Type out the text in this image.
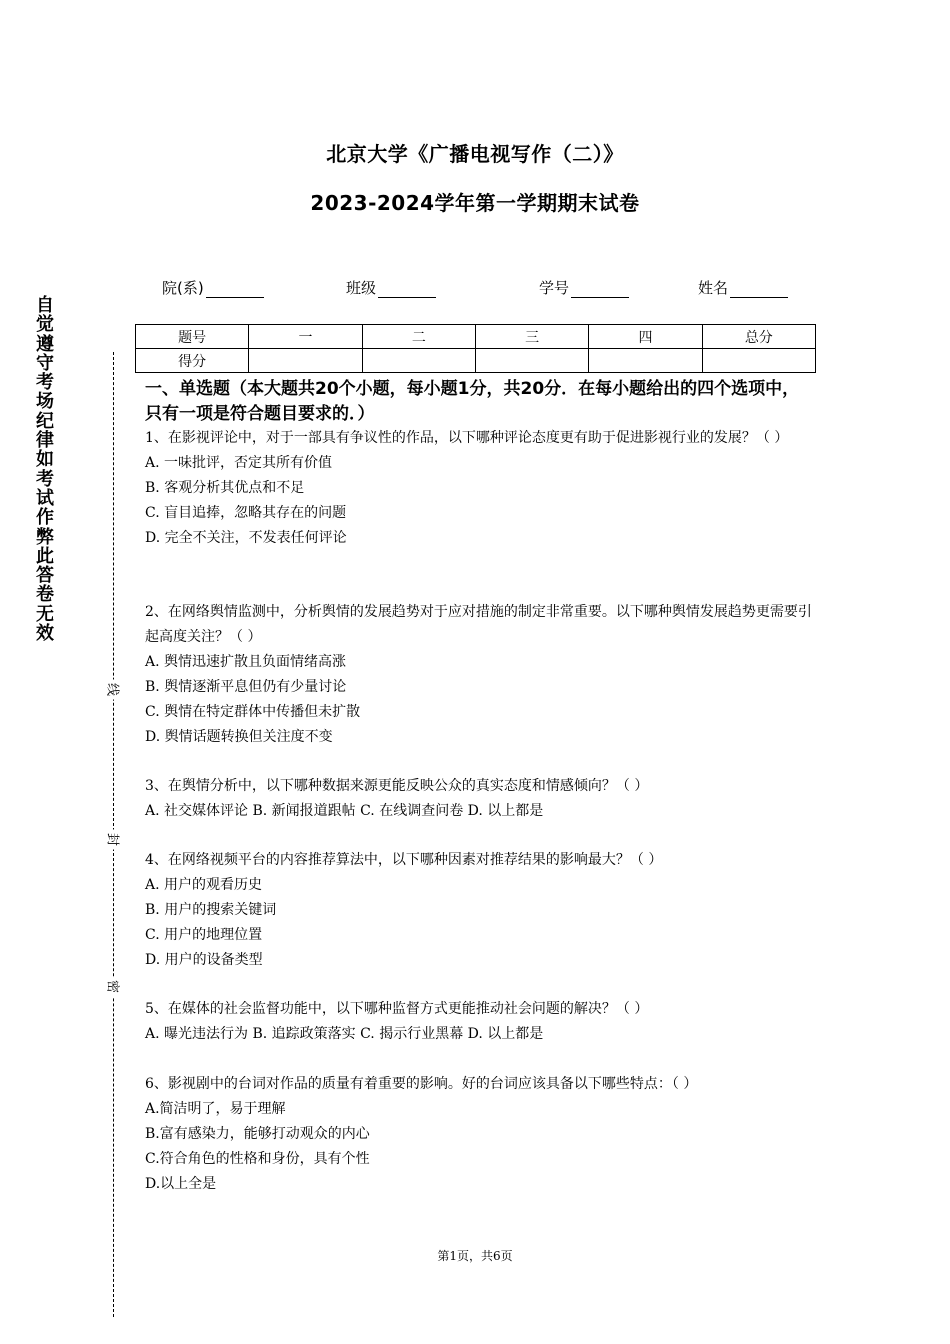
北京大学《广播电视写作（二）》
2023-2024学年第一学期期末试卷
院(系)	班级	学号	姓名
自觉遵守考场纪律如考试作弊此答卷无效
线
封
密
题号	一	二	三	四	总分
得分					
一、单选题（本大题共20个小题，每小题1分，共20分．在每小题给出的四个选项中，只有一项是符合题目要求的．）

1、在影视评论中，对于一部具有争议性的作品，以下哪种评论态度更有助于促进影视行业的发展？（ ）

A. 一味批评，否定其所有价值

B. 客观分析其优点和不足

C. 盲目追捧，忽略其存在的问题

D. 完全不关注，不发表任何评论

2、在网络舆情监测中，分析舆情的发展趋势对于应对措施的制定非常重要。以下哪种舆情发展趋势更需要引起高度关注？（ ）

A. 舆情迅速扩散且负面情绪高涨

B. 舆情逐渐平息但仍有少量讨论

C. 舆情在特定群体中传播但未扩散

D. 舆情话题转换但关注度不变

3、在舆情分析中，以下哪种数据来源更能反映公众的真实态度和情感倾向？（ ）

A. 社交媒体评论 B. 新闻报道跟帖 C. 在线调查问卷 D. 以上都是

4、在网络视频平台的内容推荐算法中，以下哪种因素对推荐结果的影响最大？（ ）

A. 用户的观看历史

B. 用户的搜索关键词

C. 用户的地理位置

D. 用户的设备类型

5、在媒体的社会监督功能中，以下哪种监督方式更能推动社会问题的解决？（ ）

A. 曝光违法行为 B. 追踪政策落实 C. 揭示行业黑幕 D. 以上都是

6、影视剧中的台词对作品的质量有着重要的影响。好的台词应该具备以下哪些特点：（ ）

A.简洁明了，易于理解

B.富有感染力，能够打动观众的内心

C.符合角色的性格和身份，具有个性

D.以上全是

第1页，共6页
